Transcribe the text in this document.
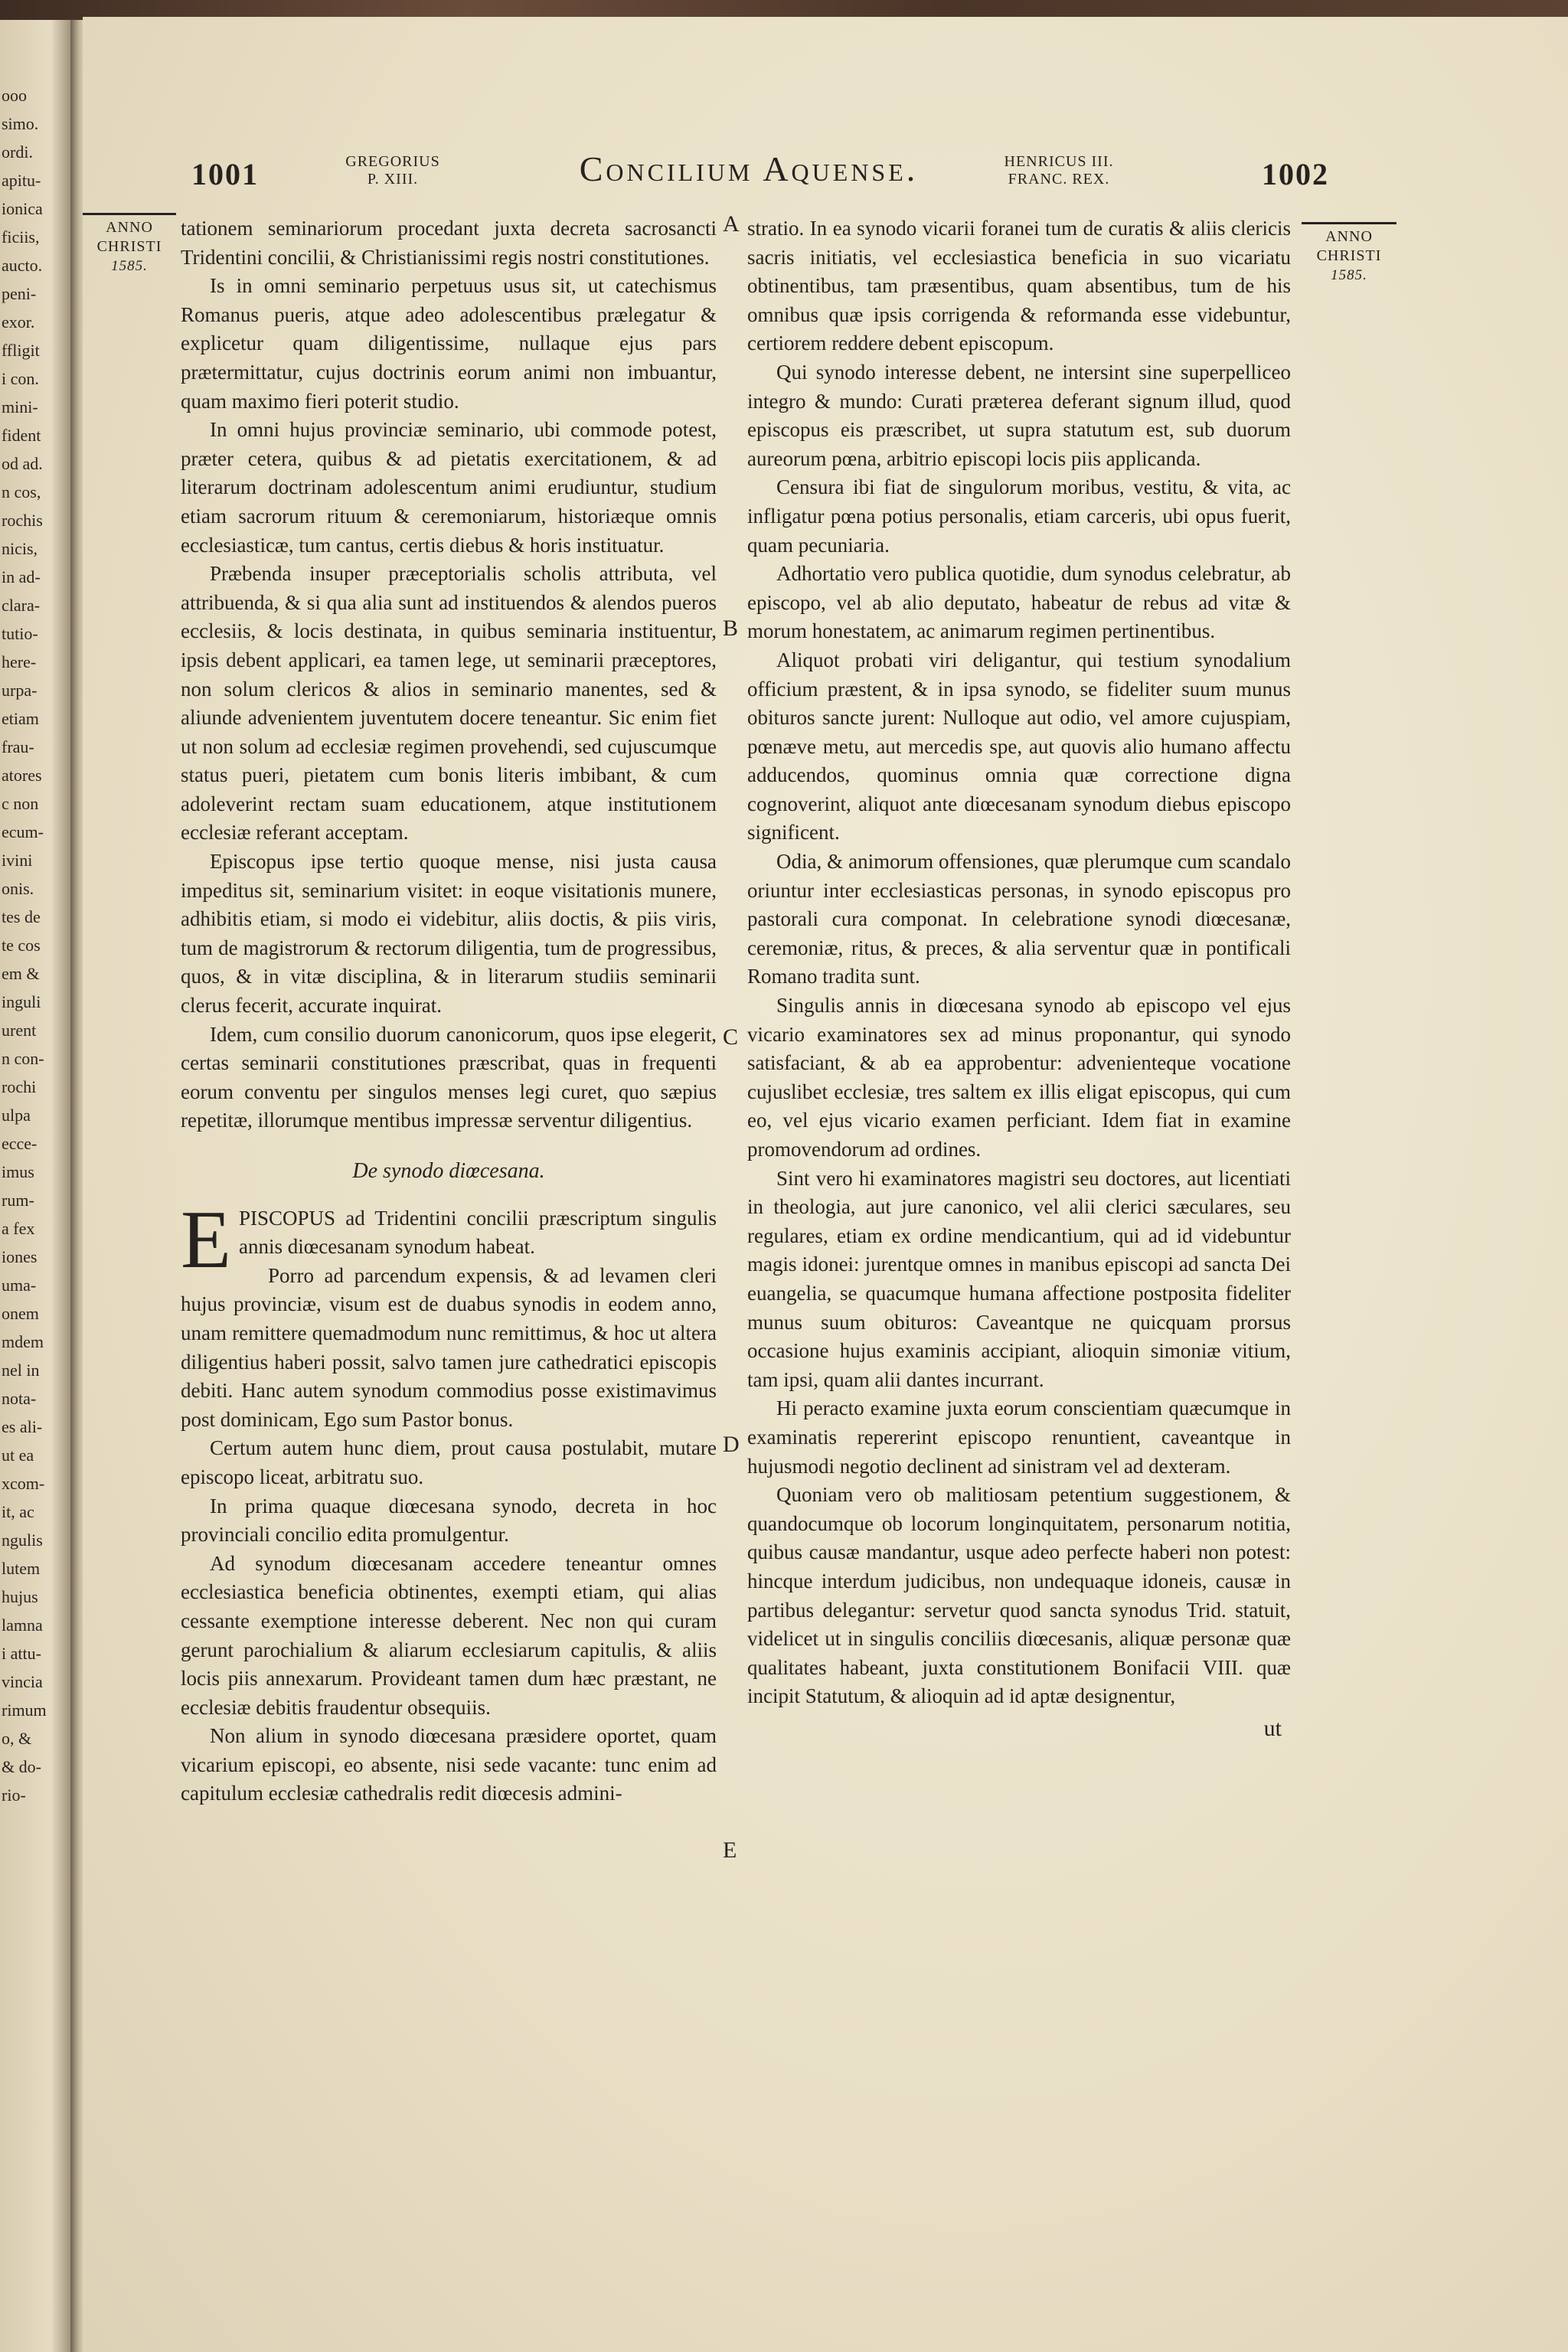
ooo
simo.
ordi.
apitu-
ionica
ficiis,
aucto.
peni-
exor.
ffligit
i con.
mini-
fident
od ad.
n cos,
rochis
nicis,
in ad-
clara-
tutio-
here-
urpa-
etiam
frau-
atores
c non
ecum-
ivini
onis.
tes de
te cos
em &
inguli
urent
n con-
rochi
ulpa
ecce-
imus
rum-
a fex
iones
uma-
onem
mdem
nel in
nota-
es ali-
ut ea
xcom-
it, ac
ngulis
lutem
hujus
lamna
i attu-
vincia
rimum
o, &
& do-
rio-
1001	GREGORIUS
P. XIII.	Concilium Aquense.	HENRICUS III.
FRANC. REX.	1002
ANNO
CHRISTI
1585.
ANNO
CHRISTI
1585.
A
B
C
D
E

tationem seminariorum procedant juxta decreta sacrosancti Tridentini concilii, & Christianissimi regis nostri constitutiones.

Is in omni seminario perpetuus usus sit, ut catechismus Romanus pueris, atque adeo adolescentibus prælegatur & explicetur quam diligentissime, nullaque ejus pars prætermittatur, cujus doctrinis eorum animi non imbuantur, quam maximo fieri poterit studio.

In omni hujus provinciæ seminario, ubi commode potest, præter cetera, quibus & ad pietatis exercitationem, & ad literarum doctrinam adolescentum animi erudiuntur, studium etiam sacrorum rituum & ceremoniarum, historiæque omnis ecclesiasticæ, tum cantus, certis diebus & horis instituatur.

Præbenda insuper præceptorialis scholis attributa, vel attribuenda, & si qua alia sunt ad instituendos & alendos pueros ecclesiis, & locis destinata, in quibus seminaria instituentur, ipsis debent applicari, ea tamen lege, ut seminarii præceptores, non solum clericos & alios in seminario manentes, sed & aliunde advenientem juventutem docere teneantur. Sic enim fiet ut non solum ad ecclesiæ regimen provehendi, sed cujuscumque status pueri, pietatem cum bonis literis imbibant, & cum adoleverint rectam suam educationem, atque institutionem ecclesiæ referant acceptam.

Episcopus ipse tertio quoque mense, nisi justa causa impeditus sit, seminarium visitet: in eoque visitationis munere, adhibitis etiam, si modo ei videbitur, aliis doctis, & piis viris, tum de magistrorum & rectorum diligentia, tum de progressibus, quos, & in vitæ disciplina, & in literarum studiis seminarii clerus fecerit, accurate inquirat.

Idem, cum consilio duorum canonicorum, quos ipse elegerit, certas seminarii constitutiones præscribat, quas in frequenti eorum conventu per singulos menses legi curet, quo sæpius repetitæ, illorumque mentibus impressæ serventur diligentius.

De synodo diœcesana.

EPISCOPUS ad Tridentini concilii præscriptum singulis annis diœcesanam synodum habeat.

Porro ad parcendum expensis, & ad levamen cleri hujus provinciæ, visum est de duabus synodis in eodem anno, unam remittere quemadmodum nunc remittimus, & hoc ut altera diligentius haberi possit, salvo tamen jure cathedratici episcopis debiti. Hanc autem synodum commodius posse existimavimus post dominicam, Ego sum Pastor bonus.

Certum autem hunc diem, prout causa postulabit, mutare episcopo liceat, arbitratu suo.

In prima quaque diœcesana synodo, decreta in hoc provinciali concilio edita promulgentur.

Ad synodum diœcesanam accedere teneantur omnes ecclesiastica beneficia obtinentes, exempti etiam, qui alias cessante exemptione interesse deberent. Nec non qui curam gerunt parochialium & aliarum ecclesiarum capitulis, & aliis locis piis annexarum. Provideant tamen dum hæc præstant, ne ecclesiæ debitis fraudentur obsequiis.

Non alium in synodo diœcesana præsidere oportet, quam vicarium episcopi, eo absente, nisi sede vacante: tunc enim ad capitulum ecclesiæ cathedralis redit diœcesis admini-

stratio. In ea synodo vicarii foranei tum de curatis & aliis clericis sacris initiatis, vel ecclesiastica beneficia in suo vicariatu obtinentibus, tam præsentibus, quam absentibus, tum de his omnibus quæ ipsis corrigenda & reformanda esse videbuntur, certiorem reddere debent episcopum.

Qui synodo interesse debent, ne intersint sine superpelliceo integro & mundo: Curati præterea deferant signum illud, quod episcopus eis præscribet, ut supra statutum est, sub duorum aureorum pœna, arbitrio episcopi locis piis applicanda.

Censura ibi fiat de singulorum moribus, vestitu, & vita, ac infligatur pœna potius personalis, etiam carceris, ubi opus fuerit, quam pecuniaria.

Adhortatio vero publica quotidie, dum synodus celebratur, ab episcopo, vel ab alio deputato, habeatur de rebus ad vitæ & morum honestatem, ac animarum regimen pertinentibus.

Aliquot probati viri deligantur, qui testium synodalium officium præstent, & in ipsa synodo, se fideliter suum munus obituros sancte jurent: Nulloque aut odio, vel amore cujuspiam, pœnæve metu, aut mercedis spe, aut quovis alio humano affectu adducendos, quominus omnia quæ correctione digna cognoverint, aliquot ante diœcesanam synodum diebus episcopo significent.

Odia, & animorum offensiones, quæ plerumque cum scandalo oriuntur inter ecclesiasticas personas, in synodo episcopus pro pastorali cura componat. In celebratione synodi diœcesanæ, ceremoniæ, ritus, & preces, & alia serventur quæ in pontificali Romano tradita sunt.

Singulis annis in diœcesana synodo ab episcopo vel ejus vicario examinatores sex ad minus proponantur, qui synodo satisfaciant, & ab ea approbentur: advenienteque vocatione cujuslibet ecclesiæ, tres saltem ex illis eligat episcopus, qui cum eo, vel ejus vicario examen perficiant. Idem fiat in examine promovendorum ad ordines.

Sint vero hi examinatores magistri seu doctores, aut licentiati in theologia, aut jure canonico, vel alii clerici sæculares, seu regulares, etiam ex ordine mendicantium, qui ad id videbuntur magis idonei: jurentque omnes in manibus episcopi ad sancta Dei euangelia, se quacumque humana affectione postposita fideliter munus suum obituros: Caveantque ne quicquam prorsus occasione hujus examinis accipiant, alioquin simoniæ vitium, tam ipsi, quam alii dantes incurrant.

Hi peracto examine juxta eorum conscientiam quæcumque in examinatis repererint episcopo renuntient, caveantque in hujusmodi negotio declinent ad sinistram vel ad dexteram.

Quoniam vero ob malitiosam petentium suggestionem, & quandocumque ob locorum longinquitatem, personarum notitia, quibus causæ mandantur, usque adeo perfecte haberi non potest: hincque interdum judicibus, non undequaque idoneis, causæ in partibus delegantur: servetur quod sancta synodus Trid. statuit, videlicet ut in singulis conciliis diœcesanis, aliquæ personæ quæ qualitates habeant, juxta constitutionem Bonifacii VIII. quæ incipit Statutum, & alioquin ad id aptæ designentur,

ut
